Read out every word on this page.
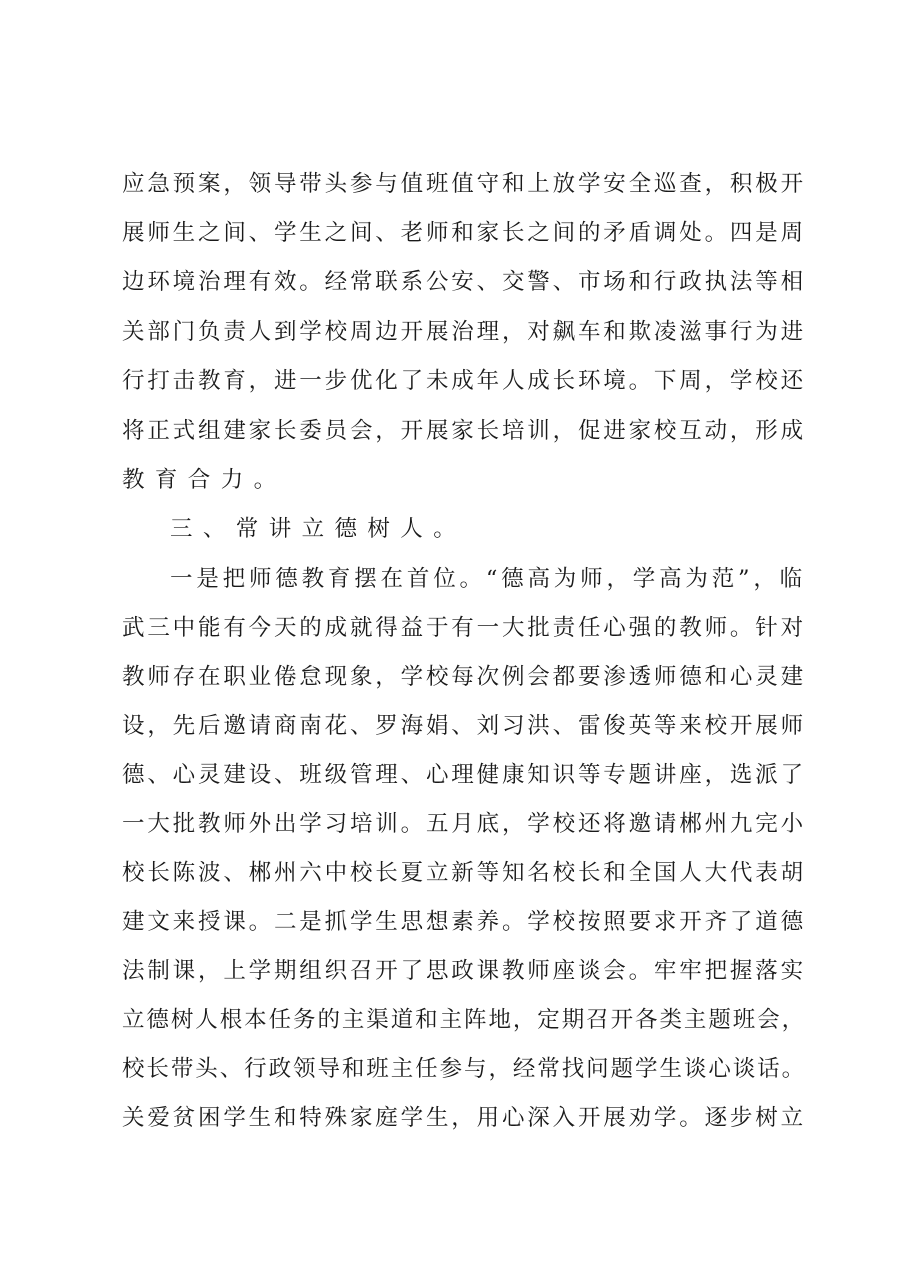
应急预案，领导带头参与值班值守和上放学安全巡查，积极开
展师生之间、学生之间、老师和家长之间的矛盾调处。四是周
边环境治理有效。经常联系公安、交警、市场和行政执法等相
关部门负责人到学校周边开展治理，对飙车和欺凌滋事行为进
行打击教育，进一步优化了未成年人成长环境。下周，学校还
将正式组建家长委员会，开展家长培训，促进家校互动，形成
教育合力。
三、常讲立德树人。
一是把师德教育摆在首位。“德高为师，学高为范”，临
武三中能有今天的成就得益于有一大批责任心强的教师。针对
教师存在职业倦怠现象，学校每次例会都要渗透师德和心灵建
设，先后邀请商南花、罗海娟、刘习洪、雷俊英等来校开展师
德、心灵建设、班级管理、心理健康知识等专题讲座，选派了
一大批教师外出学习培训。五月底，学校还将邀请郴州九完小
校长陈波、郴州六中校长夏立新等知名校长和全国人大代表胡
建文来授课。二是抓学生思想素养。学校按照要求开齐了道德
法制课，上学期组织召开了思政课教师座谈会。牢牢把握落实
立德树人根本任务的主渠道和主阵地，定期召开各类主题班会，
校长带头、行政领导和班主任参与，经常找问题学生谈心谈话。
关爱贫困学生和特殊家庭学生，用心深入开展劝学。逐步树立
